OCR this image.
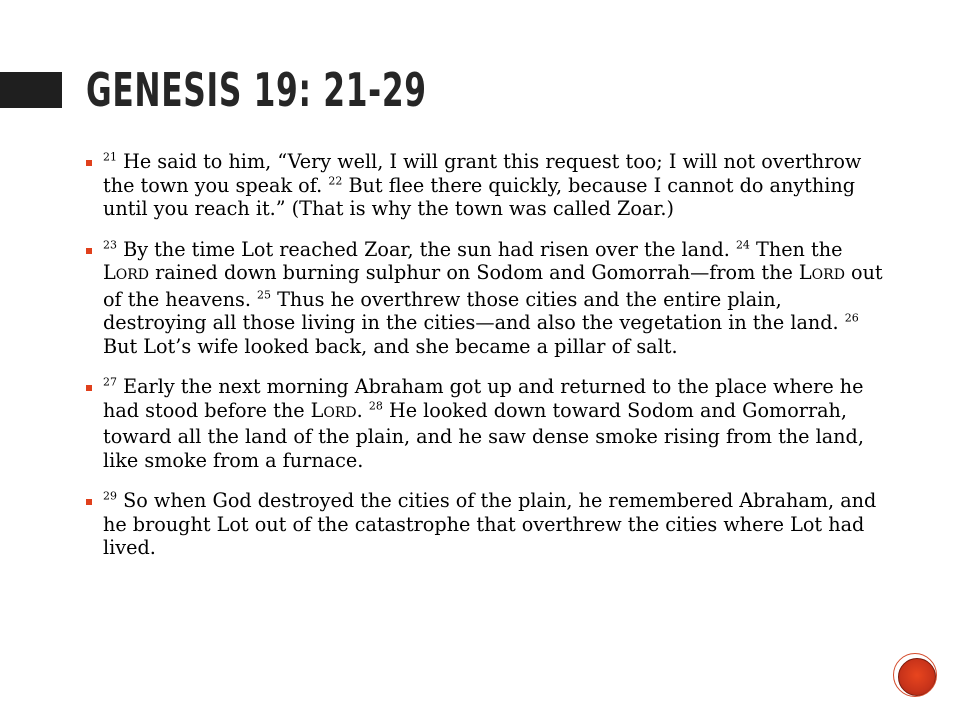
GENESIS 19: 21-29
$^{21}$ He said to him, “Very well, I will grant this request too; I will not overthrow the town you speak of. $^{22}$ But flee there quickly, because I cannot do anything until you reach it.” (That is why the town was called Zoar.)
$^{23}$ By the time Lot reached Zoar, the sun had risen over the land. $^{24}$ Then the LORD rained down burning sulphur on Sodom and Gomorrah—from the LORD out of the heavens. $^{25}$ Thus he overthrew those cities and the entire plain, destroying all those living in the cities—and also the vegetation in the land. $^{26}$ But Lot’s wife looked back, and she became a pillar of salt.
$^{27}$ Early the next morning Abraham got up and returned to the place where he had stood before the LORD. $^{28}$ He looked down toward Sodom and Gomorrah, toward all the land of the plain, and he saw dense smoke rising from the land, like smoke from a furnace.
$^{29}$ So when God destroyed the cities of the plain, he remembered Abraham, and he brought Lot out of the catastrophe that overthrew the cities where Lot had lived.
